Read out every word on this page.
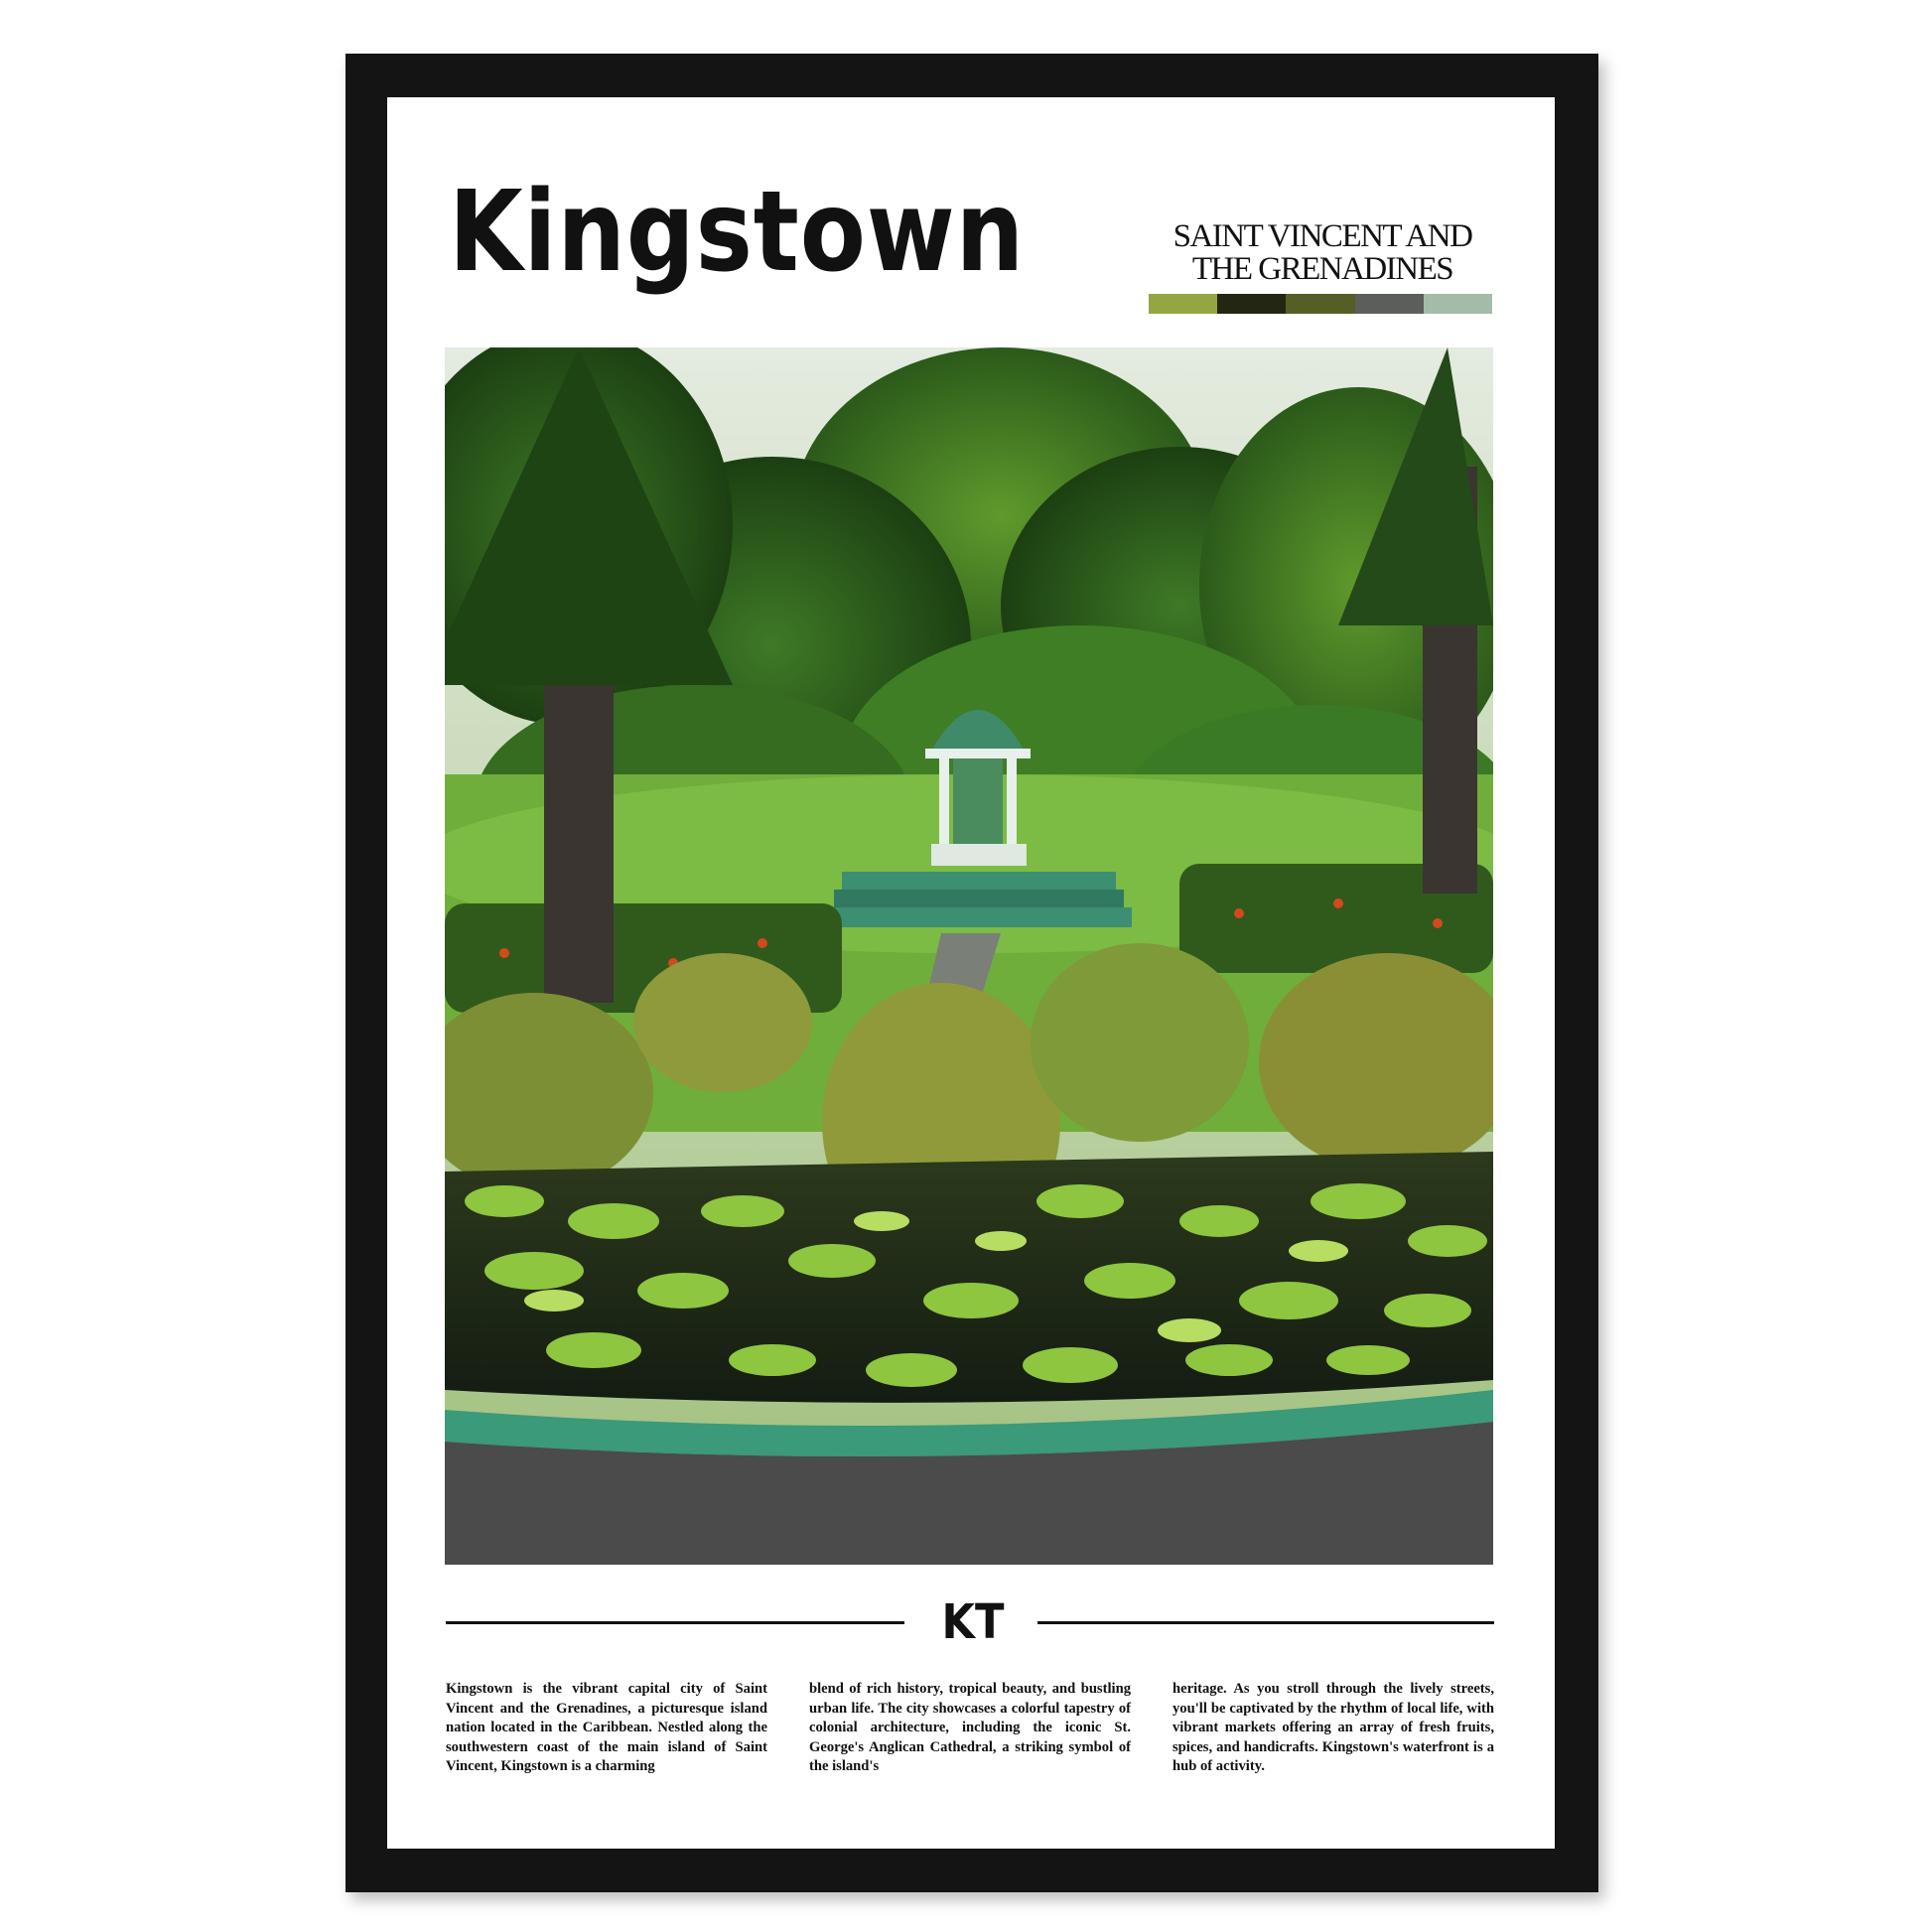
Kingstown	SAINT VINCENT AND
THE GRENADINES
KT
Kingstown is the vibrant capital city of Saint Vincent and the Grenadines, a picturesque island nation located in the Caribbean. Nestled along the southwestern coast of the main island of Saint Vincent, Kingstown is a charming
blend of rich history, tropical beauty, and bustling urban life. The city showcases a colorful tapestry of colonial architecture, including the iconic St. George's Anglican Cathedral, a striking symbol of the island's
heritage. As you stroll through the lively streets, you'll be captivated by the rhythm of local life, with vibrant markets offering an array of fresh fruits, spices, and handicrafts. Kingstown's waterfront is a hub of activity.
